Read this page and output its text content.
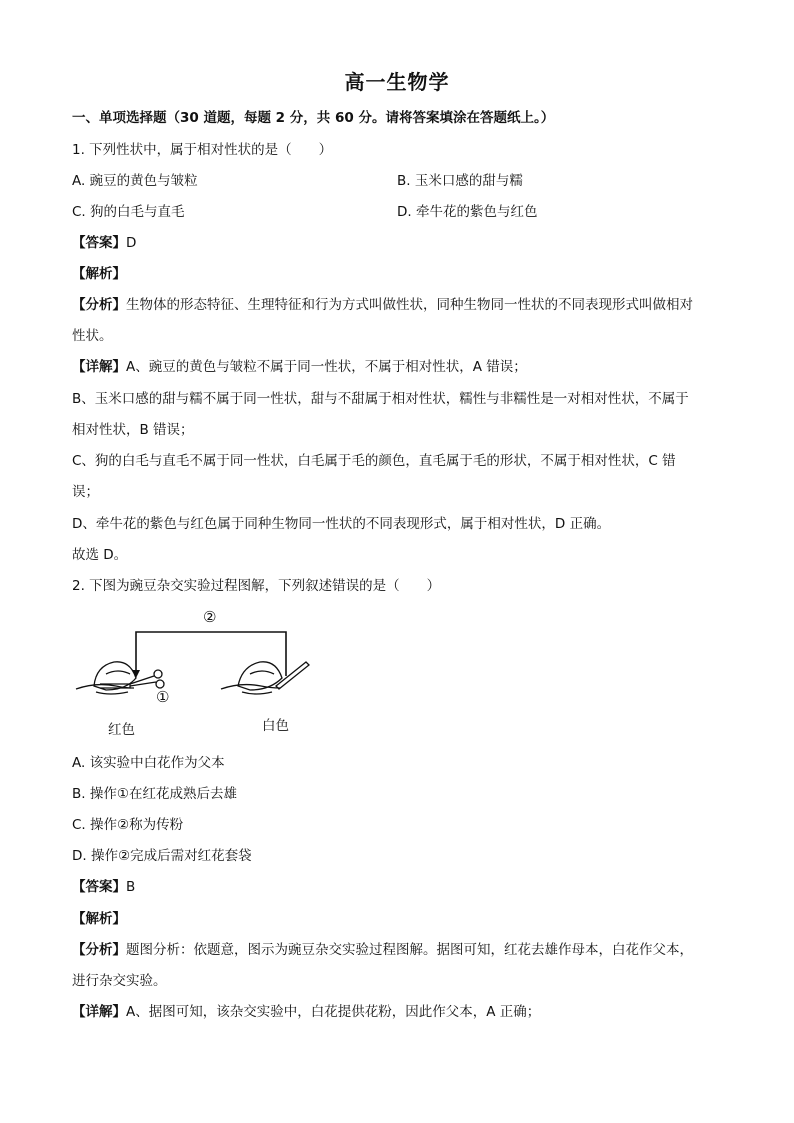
高一生物学
一、单项选择题（30 道题，每题 2 分，共 60 分。请将答案填涂在答题纸上。）
1. 下列性状中，属于相对性状的是（　　）
A. 豌豆的黄色与皱粒	B. 玉米口感的甜与糯
C. 狗的白毛与直毛	D. 牵牛花的紫色与红色
【答案】D
【解析】
【分析】生物体的形态特征、生理特征和行为方式叫做性状，同种生物同一性状的不同表现形式叫做相对
性状。
【详解】A、豌豆的黄色与皱粒不属于同一性状，不属于相对性状，A 错误；
B、玉米口感的甜与糯不属于同一性状，甜与不甜属于相对性状，糯性与非糯性是一对相对性状，不属于
相对性状，B 错误；
C、狗的白毛与直毛不属于同一性状，白毛属于毛的颜色，直毛属于毛的形状，不属于相对性状，C 错
误；
D、牵牛花的紫色与红色属于同种生物同一性状的不同表现形式，属于相对性状，D 正确。
故选 D。
2. 下图为豌豆杂交实验过程图解，下列叙述错误的是（　　）
②
①
红色	白色
A. 该实验中白花作为父本
B. 操作①在红花成熟后去雄
C. 操作②称为传粉
D. 操作②完成后需对红花套袋
【答案】B
【解析】
【分析】题图分析：依题意，图示为豌豆杂交实验过程图解。据图可知，红花去雄作母本，白花作父本，
进行杂交实验。
【详解】A、据图可知，该杂交实验中，白花提供花粉，因此作父本，A 正确；
